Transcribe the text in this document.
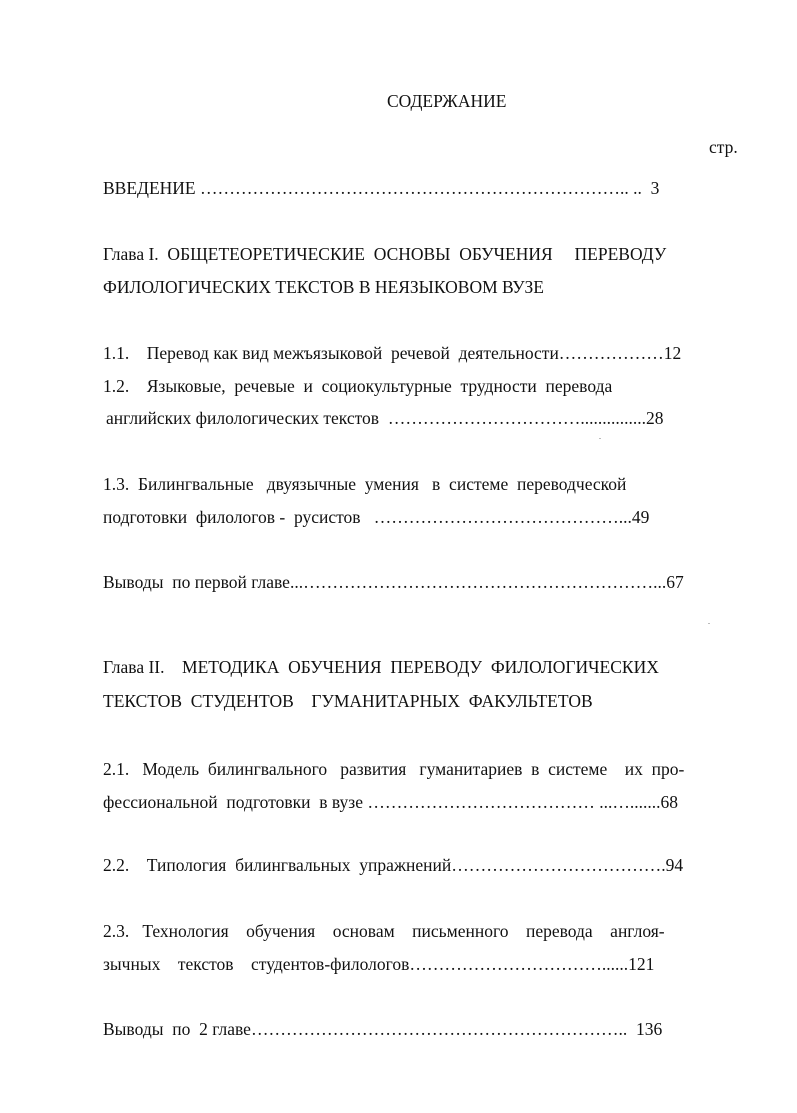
СОДЕРЖАНИЕ
стр.
ВВЕДЕНИЕ ……………………………………………………………….. ..  3
Глава I.  ОБЩЕТЕОРЕТИЧЕСКИЕ  ОСНОВЫ  ОБУЧЕНИЯ     ПЕРЕВОДУ
ФИЛОЛОГИЧЕСКИХ ТЕКСТОВ В НЕЯЗЫКОВОМ ВУЗЕ
1.1.    Перевод как вид межъязыковой  речевой  деятельности………………12
1.2.    Языковые,  речевые  и  социокультурные  трудности  перевода
английских филологических текстов  ……………………………...............28
1.3.  Билингвальные   двуязычные  умения   в  системе  переводческой
подготовки  филологов -  русистов   ……………………………………...49
Выводы  по первой главе...……………………………………………………...67
Глава II.    МЕТОДИКА  ОБУЧЕНИЯ  ПЕРЕВОДУ  ФИЛОЛОГИЧЕСКИХ
ТЕКСТОВ  СТУДЕНТОВ    ГУМАНИТАРНЫХ  ФАКУЛЬТЕТОВ
2.1.   Модель  билингвального   развития   гуманитариев  в  системе    их  про-
фессиональной  подготовки  в вузе ………………………………… ...….......68
2.2.    Типология  билингвальных  упражнений……………………………….94
2.3.   Технология    обучения    основам    письменного    перевода    англоя-
зычных    текстов    студентов-филологов……………………………......121
Выводы  по  2 главе………………………………………………………..  136
